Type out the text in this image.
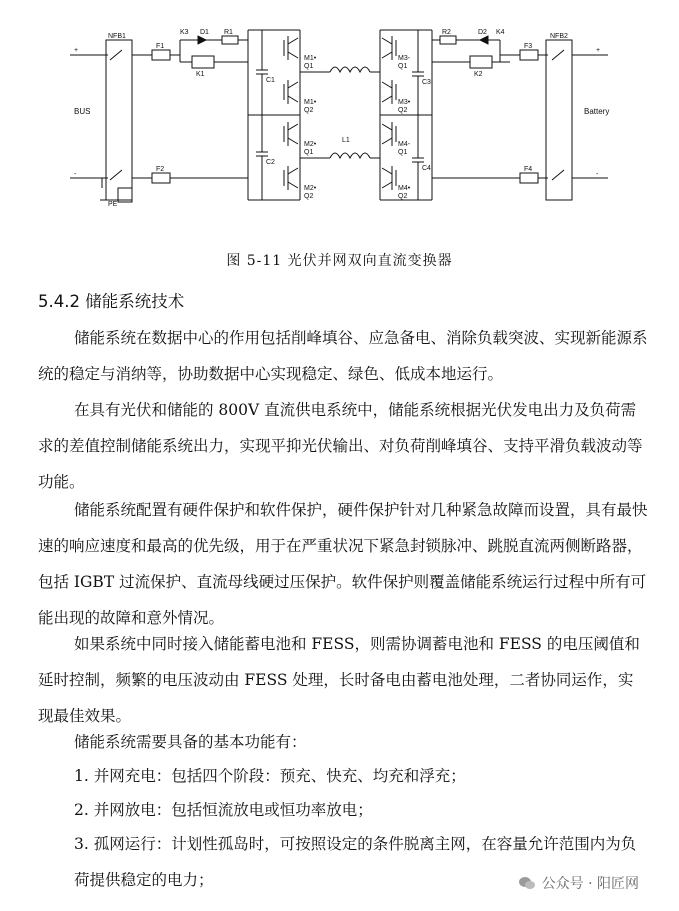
+
-
+
-
BUS	Battery
NFB1	NFB2
F1
F2
F3
F4
K1	K2
K3	K4
D1	D2
R1	R2
C1
C2
C3
C4
L1
PE
M1• Q1
M1• Q2
M2• Q1
M2• Q2
M3-Q1
M3• Q2
M4-Q1
M4• Q2
图 5-11 光伏并网双向直流变换器
5.4.2 储能系统技术
储能系统在数据中心的作用包括削峰填谷、应急备电、消除负载突波、实现新能源系统的稳定与消纳等，协助数据中心实现稳定、绿色、低成本地运行。
在具有光伏和储能的 800V 直流供电系统中，储能系统根据光伏发电出力及负荷需求的差值控制储能系统出力，实现平抑光伏输出、对负荷削峰填谷、支持平滑负载波动等功能。
储能系统配置有硬件保护和软件保护，硬件保护针对几种紧急故障而设置，具有最快速的响应速度和最高的优先级，用于在严重状况下紧急封锁脉冲、跳脱直流两侧断路器，包括 IGBT 过流保护、直流母线硬过压保护。软件保护则覆盖储能系统运行过程中所有可能出现的故障和意外情况。
如果系统中同时接入储能蓄电池和 FESS，则需协调蓄电池和 FESS 的电压阈值和延时控制，频繁的电压波动由 FESS 处理，长时备电由蓄电池处理，二者协同运作，实现最佳效果。
储能系统需要具备的基本功能有：
1. 并网充电：包括四个阶段：预充、快充、均充和浮充；
2. 并网放电：包括恒流放电或恒功率放电；
3. 孤网运行：计划性孤岛时，可按照设定的条件脱离主网，在容量允许范围内为负荷提供稳定的电力；	公众号 · 阳匠网
